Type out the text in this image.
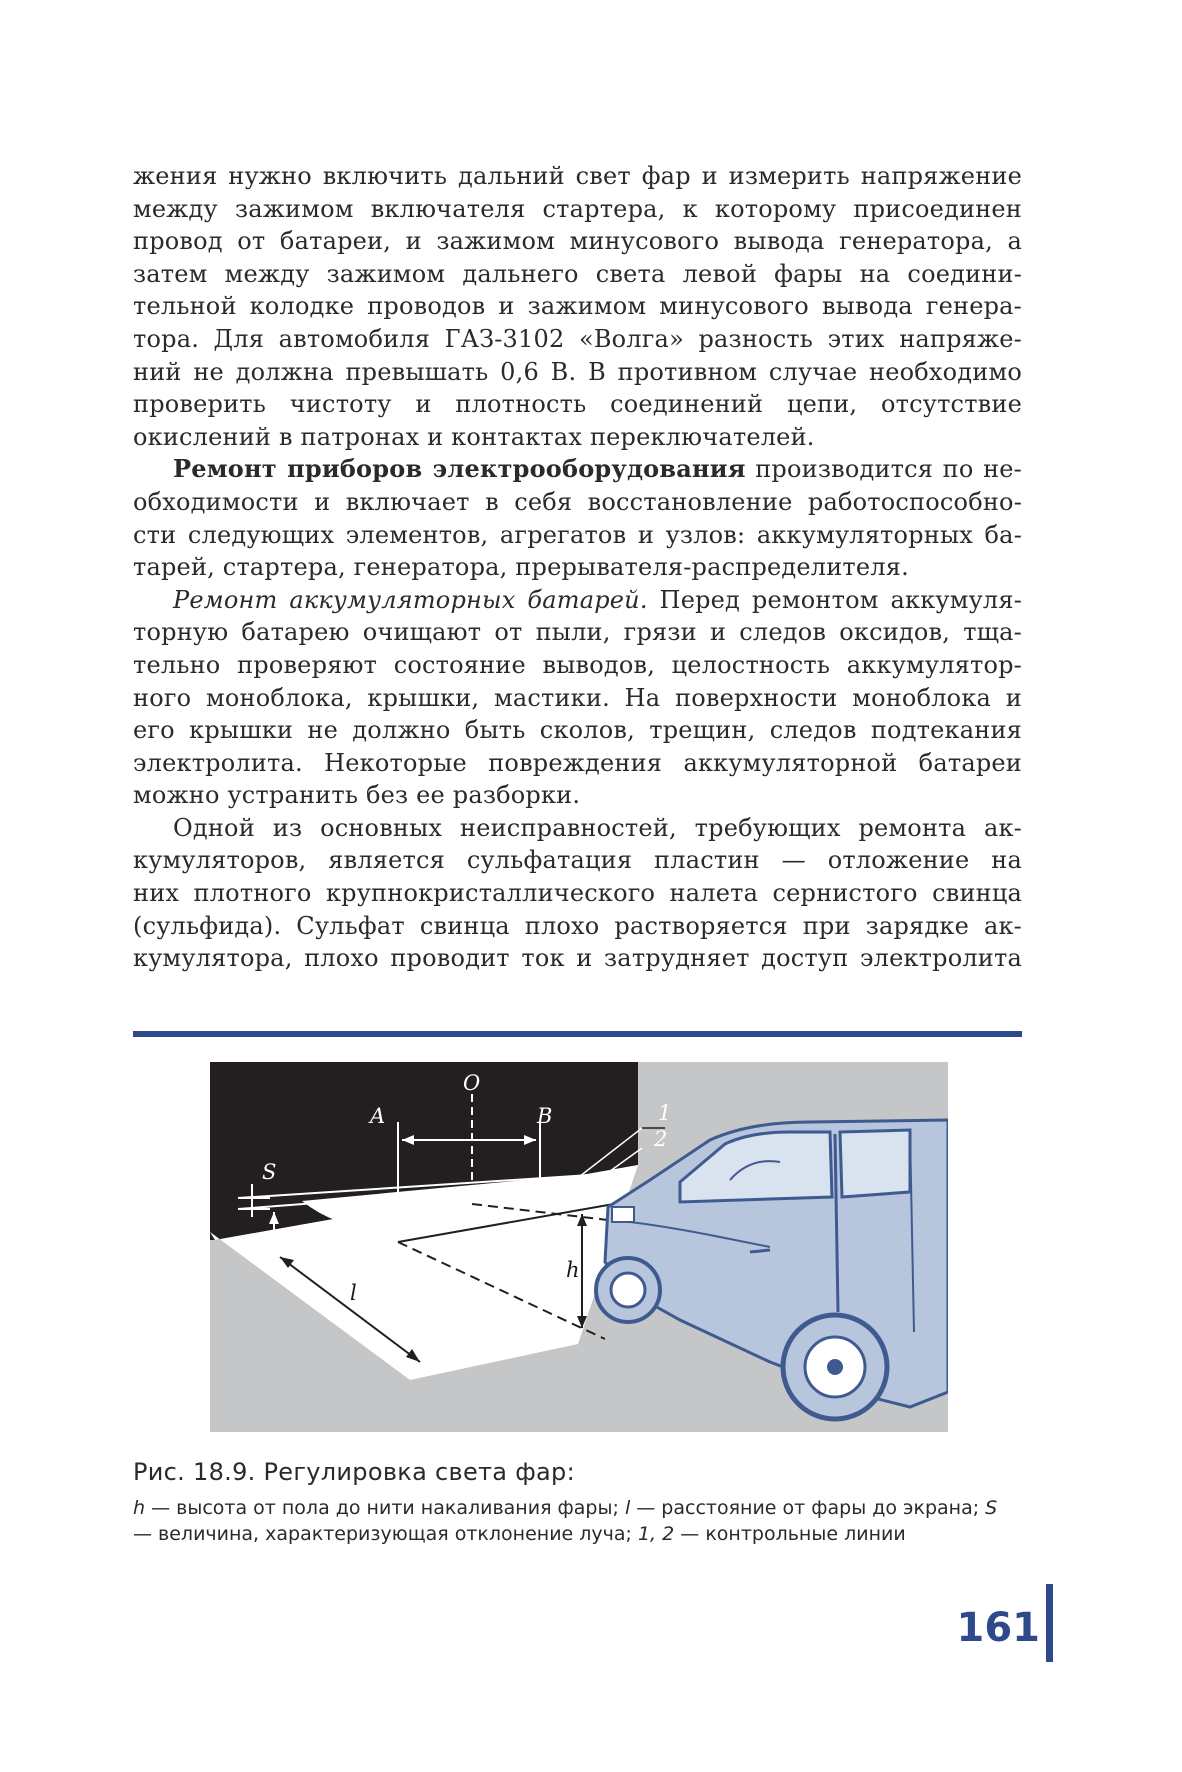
жения нужно включить дальний свет фар и измерить напряжение
между зажимом включателя стартера, к которому присоединен
провод от батареи, и зажимом минусового вывода генератора, а
затем между зажимом дальнего света левой фары на соедини-
тельной колодке проводов и зажимом минусового вывода генера-
тора. Для автомобиля ГАЗ-3102 «Волга» разность этих напряже-
ний не должна превышать 0,6 В. В противном случае необходимо
проверить чистоту и плотность соединений цепи, отсутствие
окислений в патронах и контактах переключателей.
Ремонт приборов электрооборудования производится по не-
обходимости и включает в себя восстановление работоспособно-
сти следующих элементов, агрегатов и узлов: аккумуляторных ба-
тарей, стартера, генератора, прерывателя-распределителя.
Ремонт аккумуляторных батарей. Перед ремонтом аккумуля-
торную батарею очищают от пыли, грязи и следов оксидов, тща-
тельно проверяют состояние выводов, целостность аккумулятор-
ного моноблока, крышки, мастики. На поверхности моноблока и
его крышки не должно быть сколов, трещин, следов подтекания
электролита. Некоторые повреждения аккумуляторной батареи
можно устранить без ее разборки.
Одной из основных неисправностей, требующих ремонта ак-
кумуляторов, является сульфатация пластин — отложение на
них плотного крупнокристаллического налета сернистого свинца
(сульфида). Сульфат свинца плохо растворяется при зарядке ак-
кумулятора, плохо проводит ток и затрудняет доступ электролита
O
A	B
S
h
l
1
2
Рис. 18.9. Регулировка света фар:
h — высота от пола до нити накаливания фары; l — расстояние от фары до экрана; S — величина, характеризующая отклонение луча; 1, 2 — контрольные линии
161
